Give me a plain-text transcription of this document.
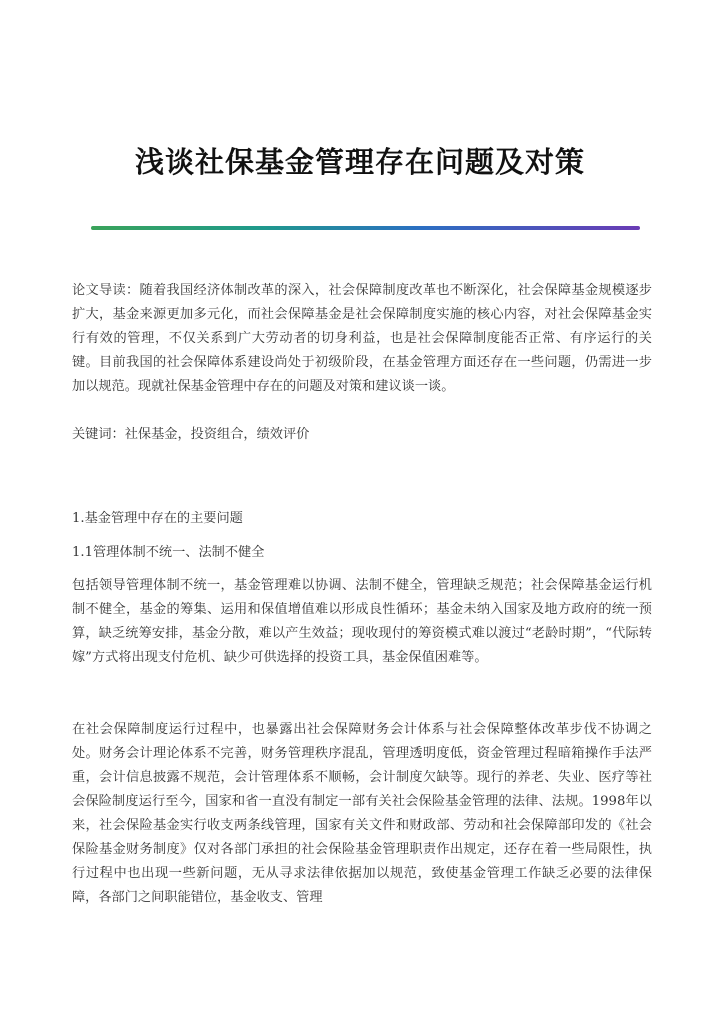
浅谈社保基金管理存在问题及对策

论文导读：随着我国经济体制改革的深入，社会保障制度改革也不断深化，社会保障基金规模逐步扩大，基金来源更加多元化，而社会保障基金是社会保障制度实施的核心内容，对社会保障基金实行有效的管理，不仅关系到广大劳动者的切身利益，也是社会保障制度能否正常、有序运行的关键。目前我国的社会保障体系建设尚处于初级阶段，在基金管理方面还存在一些问题，仍需进一步加以规范。现就社保基金管理中存在的问题及对策和建议谈一谈。

关键词：社保基金，投资组合，绩效评价

1.基金管理中存在的主要问题

1.1管理体制不统一、法制不健全

包括领导管理体制不统一，基金管理难以协调、法制不健全，管理缺乏规范；社会保障基金运行机制不健全，基金的筹集、运用和保值增值难以形成良性循环；基金未纳入国家及地方政府的统一预算，缺乏统筹安排，基金分散，难以产生效益；现收现付的筹资模式难以渡过“老龄时期”，“代际转嫁”方式将出现支付危机、缺少可供选择的投资工具，基金保值困难等。

在社会保障制度运行过程中，也暴露出社会保障财务会计体系与社会保障整体改革步伐不协调之处。财务会计理论体系不完善，财务管理秩序混乱，管理透明度低，资金管理过程暗箱操作手法严重，会计信息披露不规范，会计管理体系不顺畅，会计制度欠缺等。现行的养老、失业、医疗等社会保险制度运行至今，国家和省一直没有制定一部有关社会保险基金管理的法律、法规。1998年以来，社会保险基金实行收支两条线管理，国家有关文件和财政部、劳动和社会保障部印发的《社会保险基金财务制度》仅对各部门承担的社会保险基金管理职责作出规定，还存在着一些局限性，执行过程中也出现一些新问题，无从寻求法律依据加以规范，致使基金管理工作缺乏必要的法律保障，各部门之间职能错位，基金收支、管理
